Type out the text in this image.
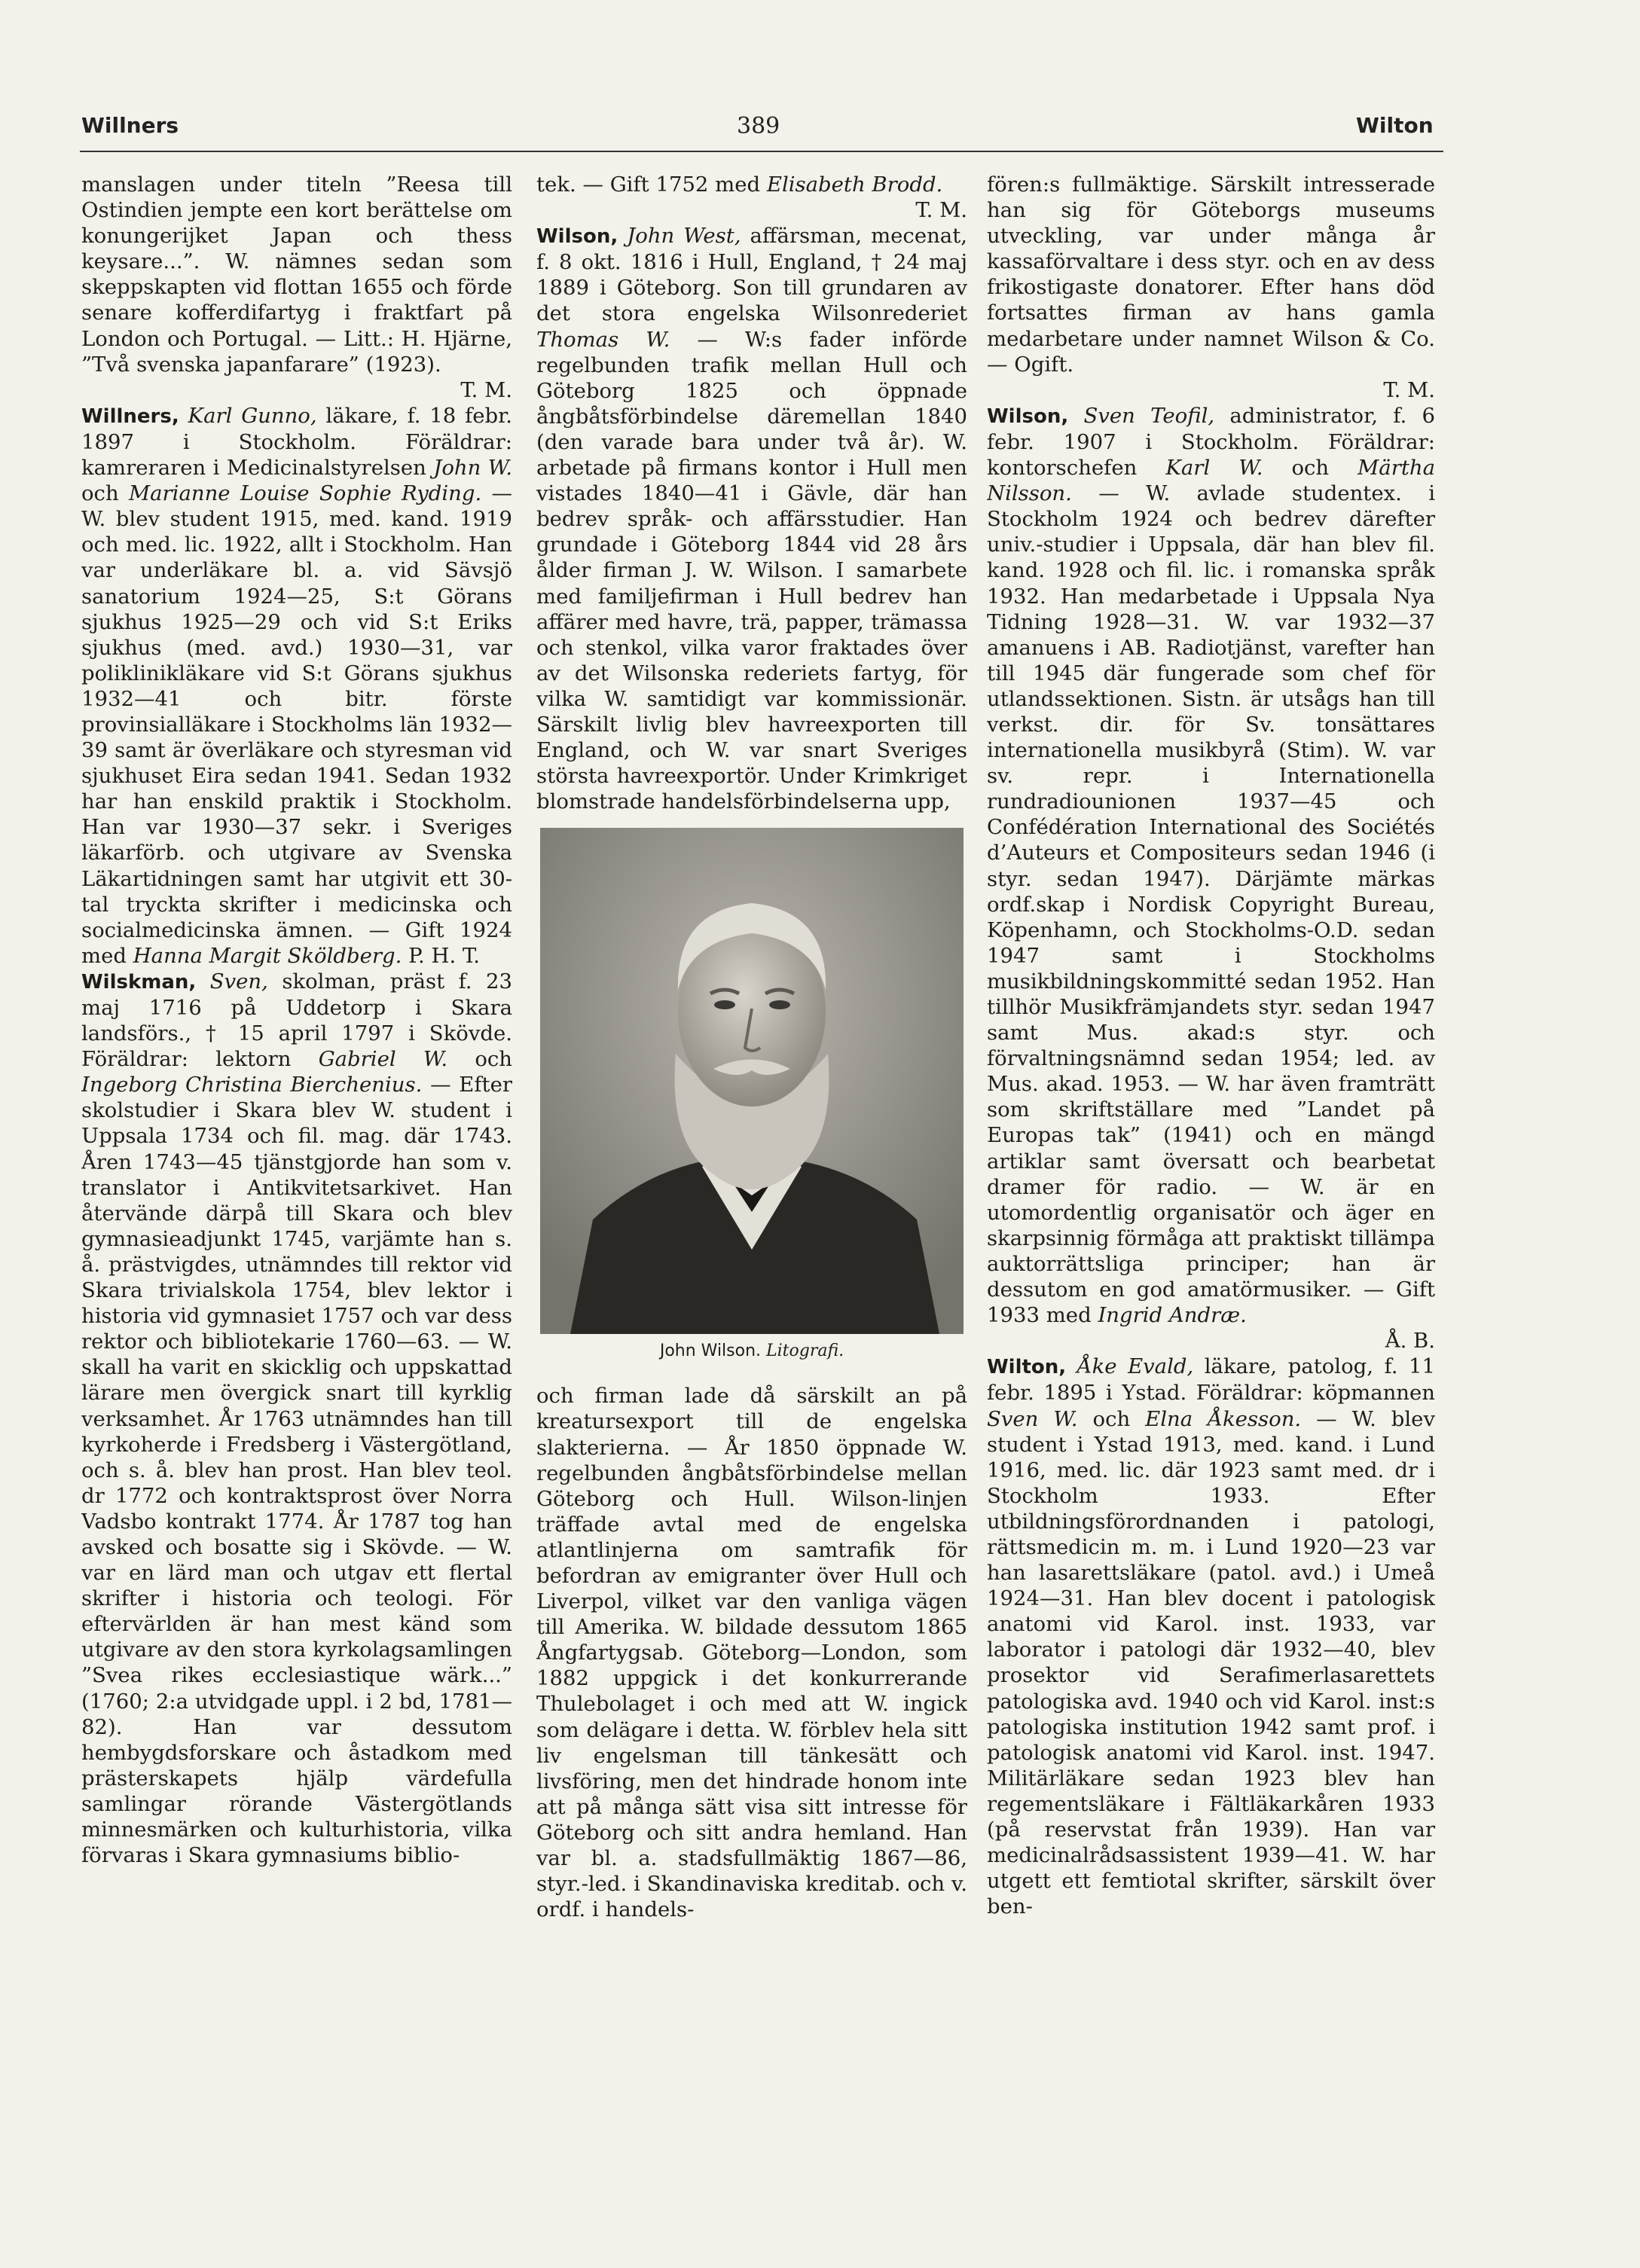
Willners	389	Wilton

manslagen under titeln ”Reesa till Ostindien jempte een kort berättelse om konungerijket Japan och thess keysare...”. W. nämnes sedan som skeppskapten vid flottan 1655 och förde senare kofferdifartyg i fraktfart på London och Portugal. — Litt.: H. Hjärne, ”Två svenska japanfarare” (1923).
T. M.

Willners, Karl Gunno, läkare, f. 18 febr. 1897 i Stockholm. Föräldrar: kamreraren i Medicinalstyrelsen John W. och Marianne Louise Sophie Ryding. — W. blev student 1915, med. kand. 1919 och med. lic. 1922, allt i Stockholm. Han var underläkare bl. a. vid Sävsjö sanatorium 1924—25, S:t Görans sjukhus 1925—29 och vid S:t Eriks sjukhus (med. avd.) 1930—31, var poliklinikläkare vid S:t Görans sjukhus 1932—41 och bitr. förste provinsialläkare i Stockholms län 1932—39 samt är överläkare och styresman vid sjukhuset Eira sedan 1941. Sedan 1932 har han enskild praktik i Stockholm. Han var 1930—37 sekr. i Sveriges läkarförb. och utgivare av Svenska Läkartidningen samt har utgivit ett 30-tal tryckta skrifter i medicinska och socialmedicinska ämnen. — Gift 1924 med Hanna Margit Sköldberg. P. H. T.

Wilskman, Sven, skolman, präst f. 23 maj 1716 på Uddetorp i Skara landsförs., † 15 april 1797 i Skövde. Föräldrar: lektorn Gabriel W. och Ingeborg Christina Bierchenius. — Efter skolstudier i Skara blev W. student i Uppsala 1734 och fil. mag. där 1743. Åren 1743—45 tjänstgjorde han som v. translator i Antikvitetsarkivet. Han återvände därpå till Skara och blev gymnasieadjunkt 1745, varjämte han s. å. prästvigdes, utnämndes till rektor vid Skara trivialskola 1754, blev lektor i historia vid gymnasiet 1757 och var dess rektor och bibliotekarie 1760—63. — W. skall ha varit en skicklig och uppskattad lärare men övergick snart till kyrklig verksamhet. År 1763 utnämndes han till kyrkoherde i Fredsberg i Västergötland, och s. å. blev han prost. Han blev teol. dr 1772 och kontraktsprost över Norra Vadsbo kontrakt 1774. År 1787 tog han avsked och bosatte sig i Skövde. — W. var en lärd man och utgav ett flertal skrifter i historia och teologi. För eftervärlden är han mest känd som utgivare av den stora kyrkolagsamlingen ”Svea rikes ecclesiastique wärk...” (1760; 2:a utvidgade uppl. i 2 bd, 1781—82). Han var dessutom hembygdsforskare och åstadkom med prästerskapets hjälp värdefulla samlingar rörande Västergötlands minnesmärken och kulturhistoria, vilka förvaras i Skara gymnasiums biblio-

tek. — Gift 1752 med Elisabeth Brodd.
T. M.

Wilson, John West, affärsman, mecenat, f. 8 okt. 1816 i Hull, England, † 24 maj 1889 i Göteborg. Son till grundaren av det stora engelska Wilsonrederiet Thomas W. — W:s fader införde regelbunden trafik mellan Hull och Göteborg 1825 och öppnade ångbåtsförbindelse däremellan 1840 (den varade bara under två år). W. arbetade på firmans kontor i Hull men vistades 1840—41 i Gävle, där han bedrev språk- och affärsstudier. Han grundade i Göteborg 1844 vid 28 års ålder firman J. W. Wilson. I samarbete med familjefirman i Hull bedrev han affärer med havre, trä, papper, trämassa och stenkol, vilka varor fraktades över av det Wilsonska rederiets fartyg, för vilka W. samtidigt var kommissionär. Särskilt livlig blev havreexporten till England, och W. var snart Sveriges största havreexportör. Under Krimkriget blomstrade handelsförbindelserna upp,

John Wilson. Litografi.

och firman lade då särskilt an på kreatursexport till de engelska slakterierna. — År 1850 öppnade W. regelbunden ångbåtsförbindelse mellan Göteborg och Hull. Wilson-linjen träffade avtal med de engelska atlantlinjerna om samtrafik för befordran av emigranter över Hull och Liverpol, vilket var den vanliga vägen till Amerika. W. bildade dessutom 1865 Ångfartygsab. Göteborg—London, som 1882 uppgick i det konkurrerande Thulebolaget i och med att W. ingick som delägare i detta. W. förblev hela sitt liv engelsman till tänkesätt och livsföring, men det hindrade honom inte att på många sätt visa sitt intresse för Göteborg och sitt andra hemland. Han var bl. a. stadsfullmäktig 1867—86, styr.-led. i Skandinaviska kreditab. och v. ordf. i handels-

fören:s fullmäktige. Särskilt intresserade han sig för Göteborgs museums utveckling, var under många år kassaförvaltare i dess styr. och en av dess frikostigaste donatorer. Efter hans död fortsattes firman av hans gamla medarbetare under namnet Wilson & Co. — Ogift.
T. M.

Wilson, Sven Teofil, administrator, f. 6 febr. 1907 i Stockholm. Föräldrar: kontorschefen Karl W. och Märtha Nilsson. — W. avlade studentex. i Stockholm 1924 och bedrev därefter univ.-studier i Uppsala, där han blev fil. kand. 1928 och fil. lic. i romanska språk 1932. Han medarbetade i Uppsala Nya Tidning 1928—31. W. var 1932—37 amanuens i AB. Radiotjänst, varefter han till 1945 där fungerade som chef för utlandssektionen. Sistn. är utsågs han till verkst. dir. för Sv. tonsättares internationella musikbyrå (Stim). W. var sv. repr. i Internationella rundradiounionen 1937—45 och Confédération International des Sociétés d’Auteurs et Compositeurs sedan 1946 (i styr. sedan 1947). Därjämte märkas ordf.skap i Nordisk Copyright Bureau, Köpenhamn, och Stockholms-O.D. sedan 1947 samt i Stockholms musikbildningskommitté sedan 1952. Han tillhör Musikfrämjandets styr. sedan 1947 samt Mus. akad:s styr. och förvaltningsnämnd sedan 1954; led. av Mus. akad. 1953. — W. har även framträtt som skriftställare med ”Landet på Europas tak” (1941) och en mängd artiklar samt översatt och bearbetat dramer för radio. — W. är en utomordentlig organisatör och äger en skarpsinnig förmåga att praktiskt tillämpa auktorrättsliga principer; han är dessutom en god amatörmusiker. — Gift 1933 med Ingrid Andræ.
Å. B.

Wilton, Åke Evald, läkare, patolog, f. 11 febr. 1895 i Ystad. Föräldrar: köpmannen Sven W. och Elna Åkesson. — W. blev student i Ystad 1913, med. kand. i Lund 1916, med. lic. där 1923 samt med. dr i Stockholm 1933. Efter utbildningsförordnanden i patologi, rättsmedicin m. m. i Lund 1920—23 var han lasarettsläkare (patol. avd.) i Umeå 1924—31. Han blev docent i patologisk anatomi vid Karol. inst. 1933, var laborator i patologi där 1932—40, blev prosektor vid Serafimerlasarettets patologiska avd. 1940 och vid Karol. inst:s patologiska institution 1942 samt prof. i patologisk anatomi vid Karol. inst. 1947. Militärläkare sedan 1923 blev han regementsläkare i Fältläkarkåren 1933 (på reservstat från 1939). Han var medicinalrådsassistent 1939—41. W. har utgett ett femtiotal skrifter, särskilt över ben-
